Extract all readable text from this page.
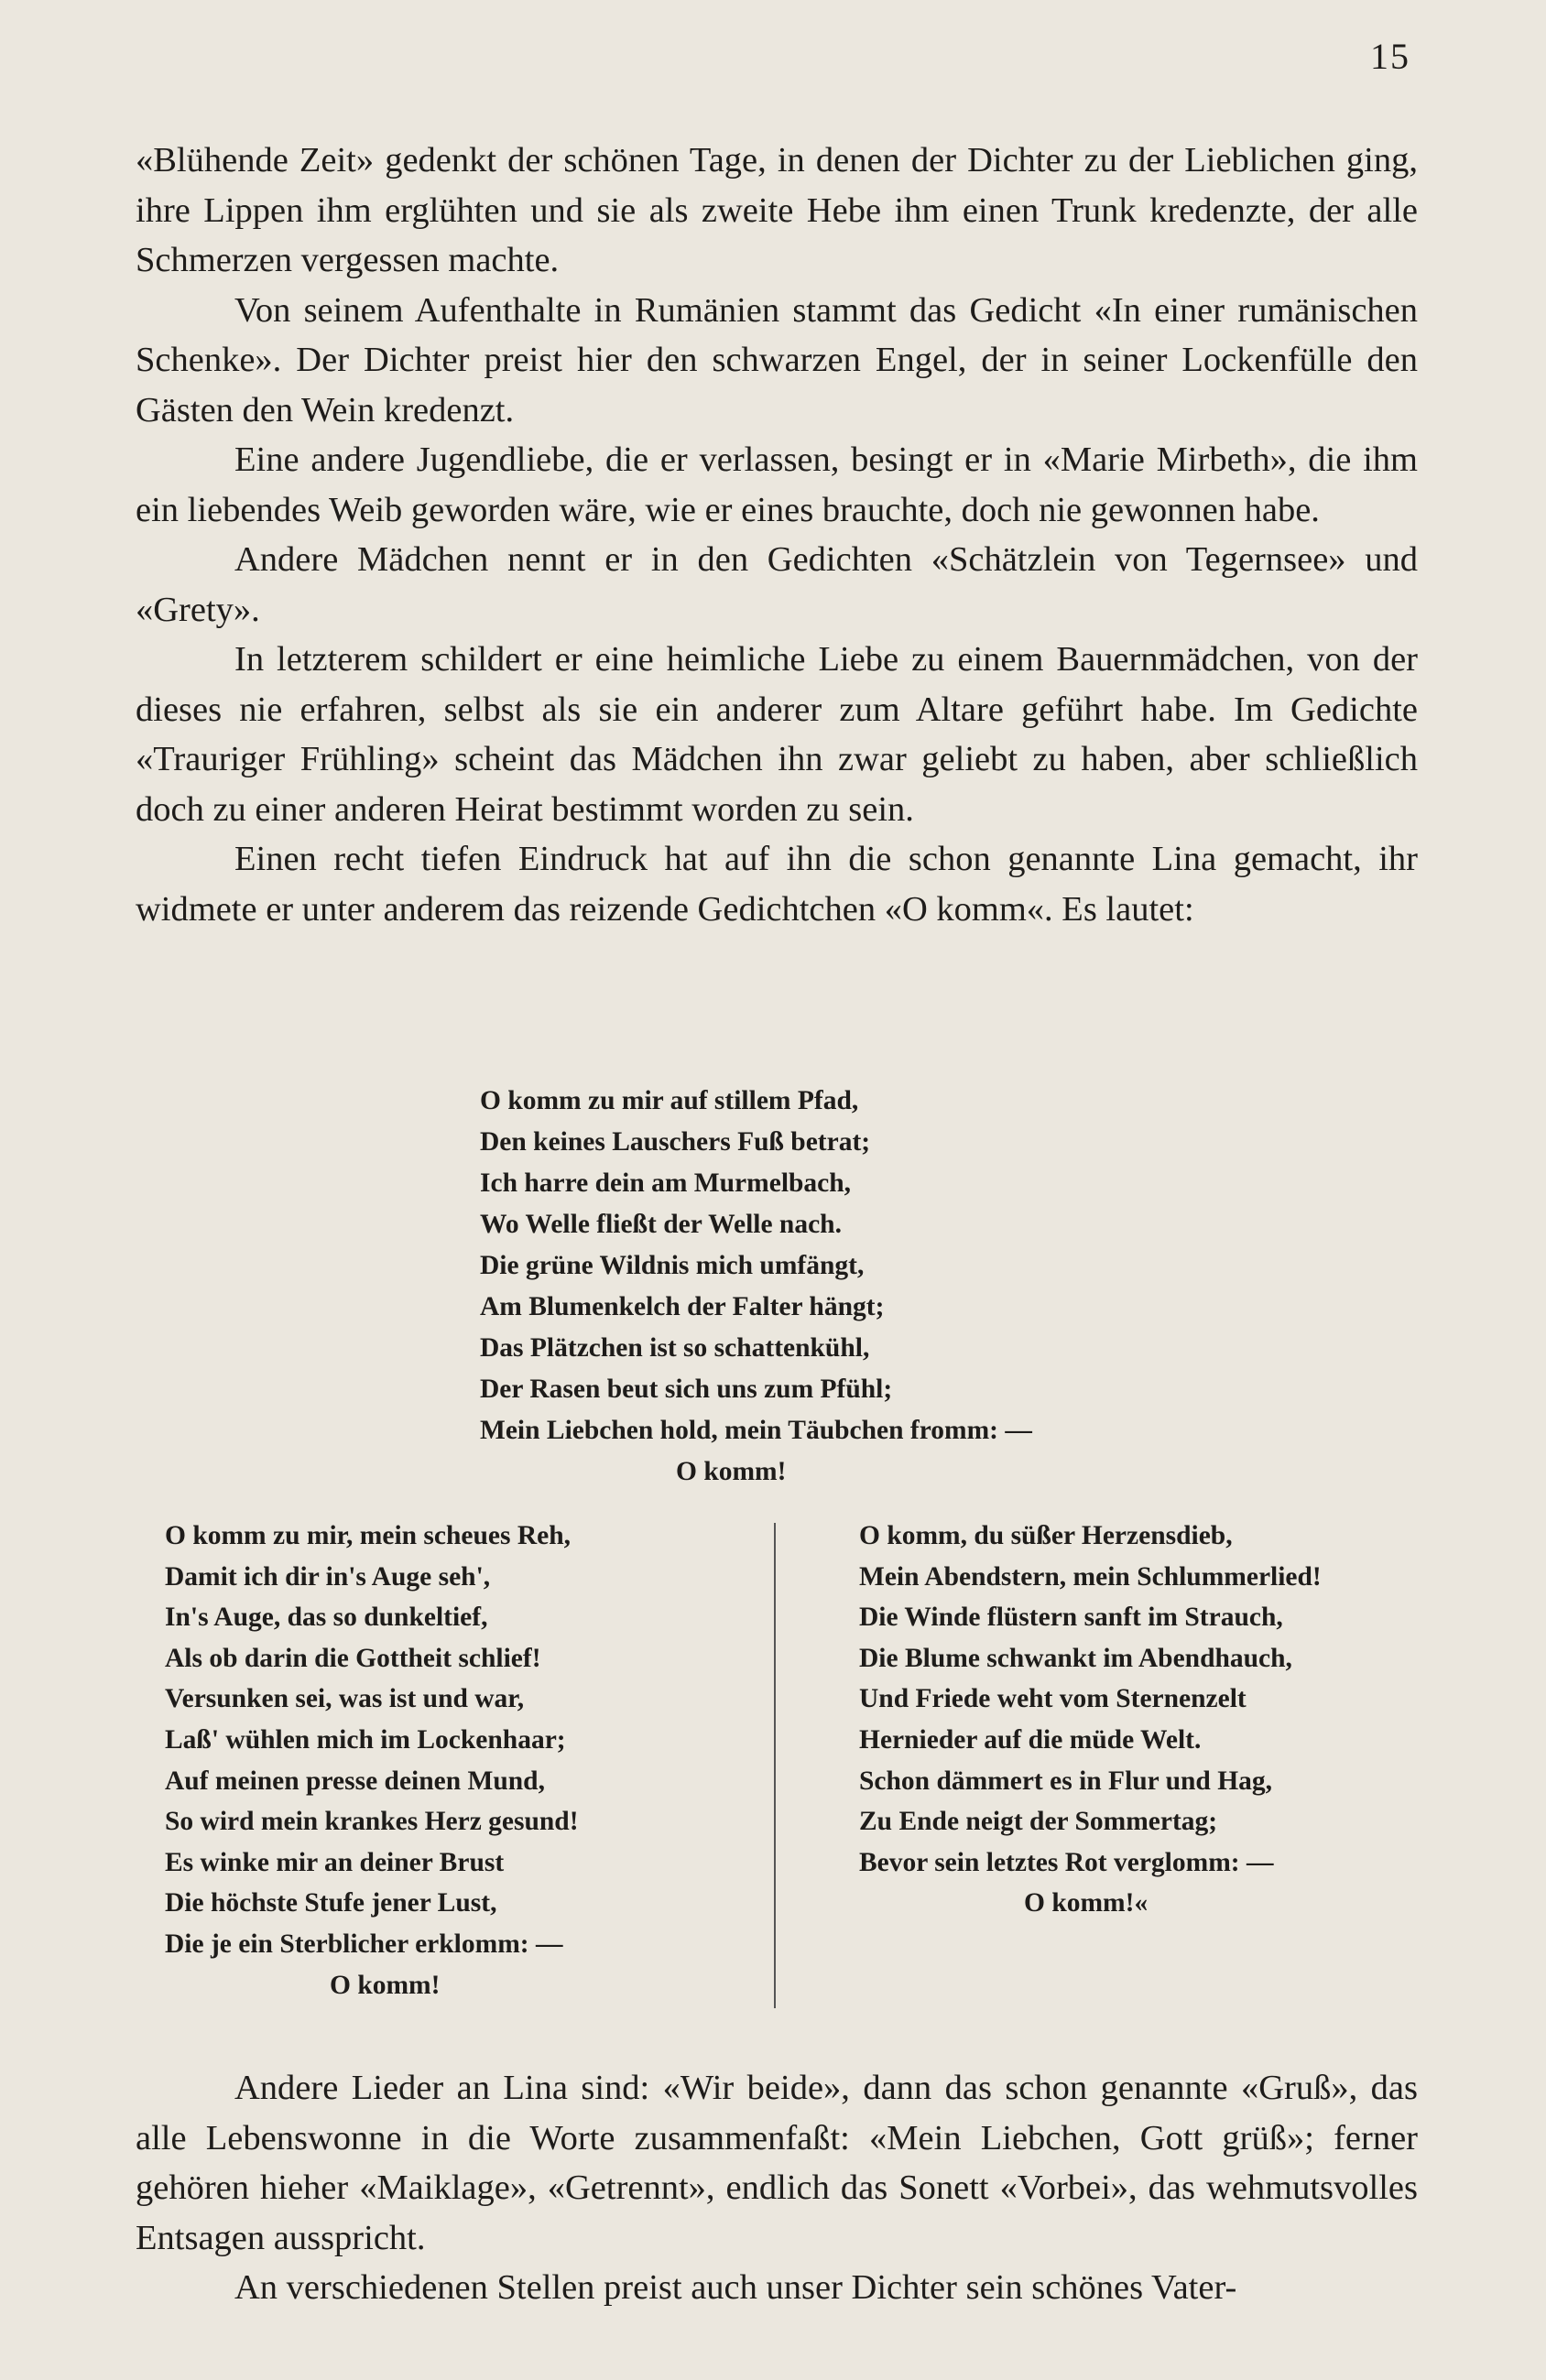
15

«Blühende Zeit» gedenkt der schönen Tage, in denen der Dichter zu der Lieblichen ging, ihre Lippen ihm erglühten und sie als zweite Hebe ihm einen Trunk kredenzte, der alle Schmerzen vergessen machte.

Von seinem Aufenthalte in Rumänien stammt das Gedicht «In einer rumänischen Schenke». Der Dichter preist hier den schwarzen Engel, der in seiner Lockenfülle den Gästen den Wein kredenzt.

Eine andere Jugendliebe, die er verlassen, besingt er in «Marie Mirbeth», die ihm ein liebendes Weib geworden wäre, wie er eines brauchte, doch nie gewonnen habe.

Andere Mädchen nennt er in den Gedichten «Schätzlein von Tegernsee» und «Grety».

In letzterem schildert er eine heimliche Liebe zu einem Bauernmädchen, von der dieses nie erfahren, selbst als sie ein anderer zum Altare geführt habe. Im Gedichte «Trauriger Frühling» scheint das Mädchen ihn zwar geliebt zu haben, aber schließlich doch zu einer anderen Heirat bestimmt worden zu sein.

Einen recht tiefen Eindruck hat auf ihn die schon genannte Lina gemacht, ihr widmete er unter anderem das reizende Gedichtchen «O komm«. Es lautet:

O komm zu mir auf stillem Pfad,
Den keines Lauschers Fuß betrat;
Ich harre dein am Murmelbach,
Wo Welle fließt der Welle nach.
Die grüne Wildnis mich umfängt,
Am Blumenkelch der Falter hängt;
Das Plätzchen ist so schattenkühl,
Der Rasen beut sich uns zum Pfühl;
Mein Liebchen hold, mein Täubchen fromm: —
O komm!
O komm zu mir, mein scheues Reh,
Damit ich dir in's Auge seh',
In's Auge, das so dunkeltief,
Als ob darin die Gottheit schlief!
Versunken sei, was ist und war,
Laß' wühlen mich im Lockenhaar;
Auf meinen presse deinen Mund,
So wird mein krankes Herz gesund!
Es winke mir an deiner Brust
Die höchste Stufe jener Lust,
Die je ein Sterblicher erklomm: —
O komm!
O komm, du süßer Herzensdieb,
Mein Abendstern, mein Schlummerlied!
Die Winde flüstern sanft im Strauch,
Die Blume schwankt im Abendhauch,
Und Friede weht vom Sternenzelt
Hernieder auf die müde Welt.
Schon dämmert es in Flur und Hag,
Zu Ende neigt der Sommertag;
Bevor sein letztes Rot verglomm: —
O komm!«

Andere Lieder an Lina sind: «Wir beide», dann das schon genannte «Gruß», das alle Lebenswonne in die Worte zusammenfaßt: «Mein Liebchen, Gott grüß»; ferner gehören hieher «Maiklage», «Getrennt», endlich das Sonett «Vorbei», das wehmutsvolles Entsagen ausspricht.

An verschiedenen Stellen preist auch unser Dichter sein schönes Vater-
